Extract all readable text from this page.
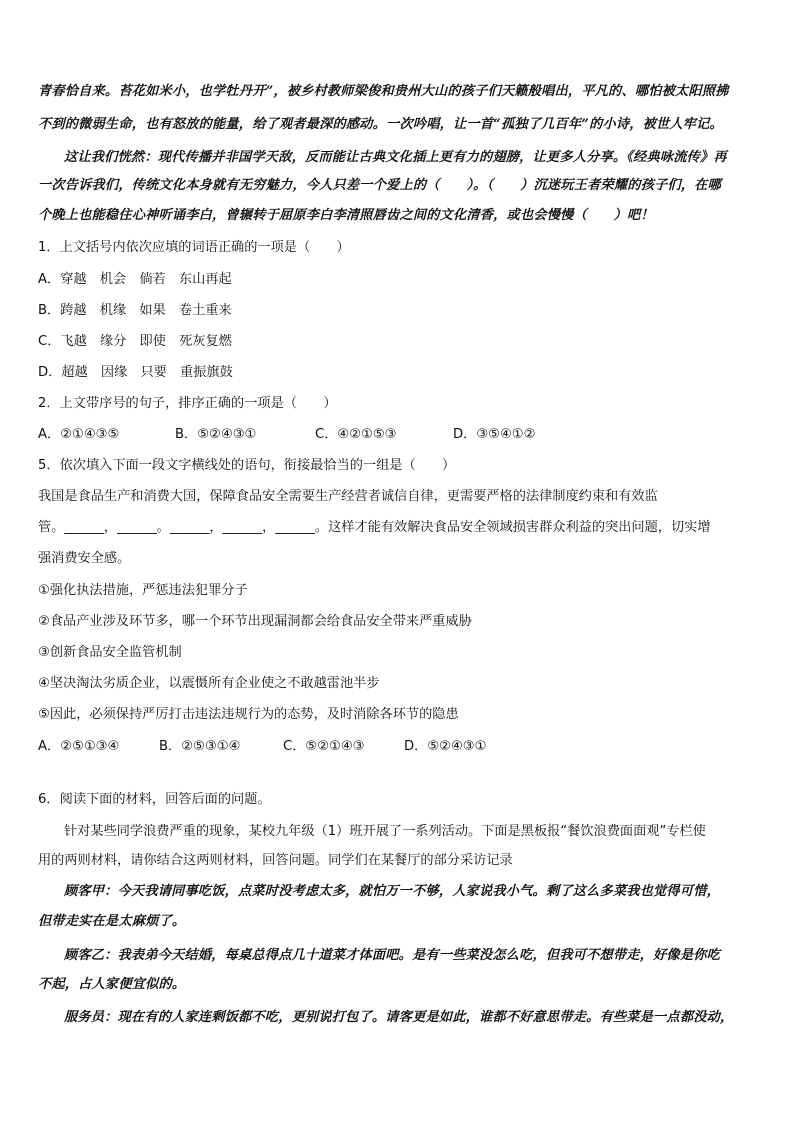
青春恰自来。苔花如米小，也学牡丹开”，被乡村教师梁俊和贵州大山的孩子们天籁般唱出，平凡的、哪怕被太阳照拂
不到的微弱生命，也有怒放的能量，给了观者最深的感动。一次吟唱，让一首“孤独了几百年”的小诗，被世人牢记。
这让我们恍然：现代传播并非国学天敌，反而能让古典文化插上更有力的翅膀，让更多人分享。《经典咏流传》再
一次告诉我们，传统文化本身就有无穷魅力，今人只差一个爱上的（　　）。（　　）沉迷玩王者荣耀的孩子们，在哪
个晚上也能稳住心神听诵李白，曾辗转于屈原李白李清照唇齿之间的文化清香，或也会慢慢（　　）吧！
1．上文括号内依次应填的词语正确的一项是（　　）
A．穿越　机会　倘若　东山再起
B．跨越　机缘　如果　卷土重来
C．飞越　缘分　即使　死灰复燃
D．超越　因缘　只要　重振旗鼓
2．上文带序号的句子，排序正确的一项是（　　）
A．②①④③⑤	B．⑤②④③①	C．④②①⑤③	D．③⑤④①②
5．依次填入下面一段文字横线处的语句，衔接最恰当的一组是（　　）
我国是食品生产和消费大国，保障食品安全需要生产经营者诚信自律，更需要严格的法律制度约束和有效监
管。______，______。______，______，______。这样才能有效解决食品安全领域损害群众利益的突出问题，切实增
强消费安全感。
①强化执法措施，严惩违法犯罪分子
②食品产业涉及环节多，哪一个环节出现漏洞都会给食品安全带来严重威胁
③创新食品安全监管机制
④坚决淘汰劣质企业，以震慑所有企业使之不敢越雷池半步
⑤因此，必须保持严厉打击违法违规行为的态势，及时消除各环节的隐患
A．②⑤①③④	B．②⑤③①④	C．⑤②①④③	D．⑤②④③①
6．阅读下面的材料，回答后面的问题。
针对某些同学浪费严重的现象，某校九年级（1）班开展了一系列活动。下面是黑板报“餐饮浪费面面观”专栏使
用的两则材料，请你结合这两则材料，回答问题。同学们在某餐厅的部分采访记录
顾客甲：今天我请同事吃饭，点菜时没考虑太多，就怕万一不够，人家说我小气。剩了这么多菜我也觉得可惜，
但带走实在是太麻烦了。
顾客乙：我表弟今天结婚，每桌总得点几十道菜才体面吧。是有一些菜没怎么吃，但我可不想带走，好像是你吃
不起，占人家便宜似的。
服务员：现在有的人家连剩饭都不吃，更别说打包了。请客更是如此，谁都不好意思带走。有些菜是一点都没动，
